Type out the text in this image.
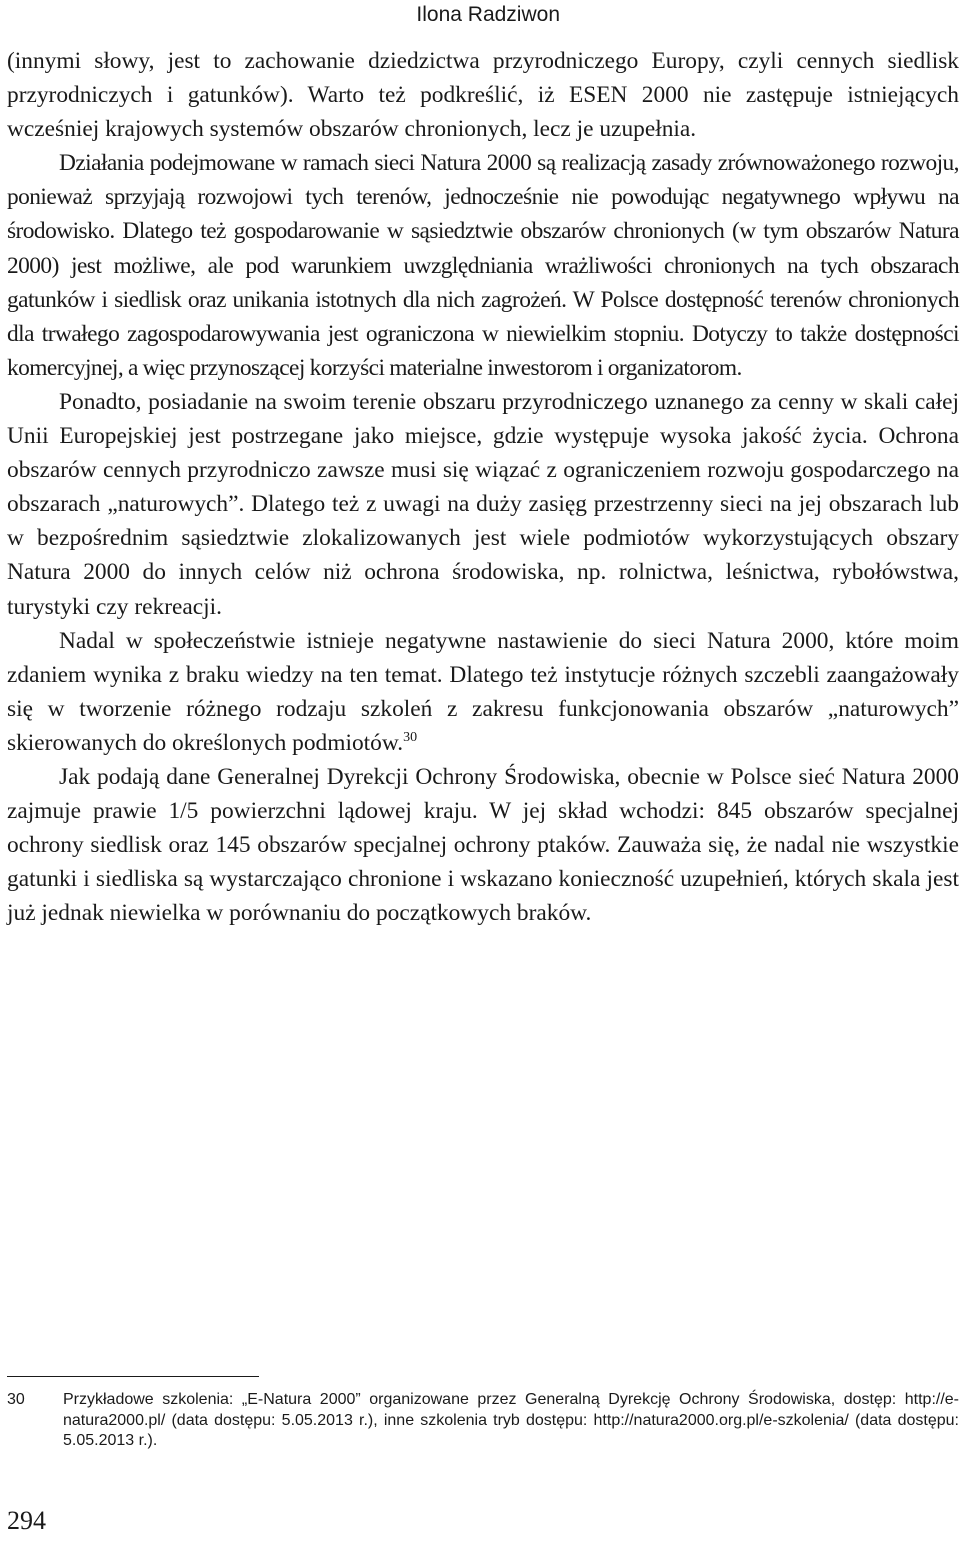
Ilona Radziwon

(innymi słowy, jest to zachowanie dziedzictwa przyrodniczego Europy, czyli cennych siedlisk przyrodniczych i gatunków). Warto też podkreślić, iż ESEN 2000 nie zastępuje istniejących wcześniej krajowych systemów obszarów chronionych, lecz je uzupełnia.

Działania podejmowane w ramach sieci Natura 2000 są realizacją zasady zrównoważonego rozwoju, ponieważ sprzyjają rozwojowi tych terenów, jednocześnie nie powodując negatywnego wpływu na środowisko. Dlatego też gospodarowanie w sąsiedztwie obszarów chronionych (w tym obszarów Natura 2000) jest możliwe, ale pod warunkiem uwzględniania wrażliwości chronionych na tych obszarach gatunków i siedlisk oraz unikania istotnych dla nich zagrożeń. W Polsce dostępność terenów chronionych dla trwałego zagospodarowywania jest ograniczona w niewielkim stopniu. Dotyczy to także dostępności komercyjnej, a więc przynoszącej korzyści materialne inwestorom i organizatorom.

Ponadto, posiadanie na swoim terenie obszaru przyrodniczego uznanego za cenny w skali całej Unii Europejskiej jest postrzegane jako miejsce, gdzie występuje wysoka jakość życia. Ochrona obszarów cennych przyrodniczo zawsze musi się wiązać z ograniczeniem rozwoju gospodarczego na obszarach „naturowych”. Dlatego też z uwagi na duży zasięg przestrzenny sieci na jej obszarach lub w bezpośrednim sąsiedztwie zlokalizowanych jest wiele podmiotów wykorzystujących obszary Natura 2000 do innych celów niż ochrona środowiska, np. rolnictwa, leśnictwa, rybołówstwa, turystyki czy rekreacji.

Nadal w społeczeństwie istnieje negatywne nastawienie do sieci Natura 2000, które moim zdaniem wynika z braku wiedzy na ten temat. Dlatego też instytucje różnych szczebli zaangażowały się w tworzenie różnego rodzaju szkoleń z zakresu funkcjonowania obszarów „naturowych” skierowanych do określonych podmiotów.$^{30}$

Jak podają dane Generalnej Dyrekcji Ochrony Środowiska, obecnie w Polsce sieć Natura 2000 zajmuje prawie 1/5 powierzchni lądowej kraju. W jej skład wchodzi: 845 obszarów specjalnej ochrony siedlisk oraz 145 obszarów specjalnej ochrony ptaków. Zauważa się, że nadal nie wszystkie gatunki i siedliska są wystarczająco chronione i wskazano konieczność uzupełnień, których skala jest już jednak niewielka w porównaniu do początkowych braków.

30	Przykładowe szkolenia: „E-Natura 2000” organizowane przez Generalną Dyrekcję Ochrony Środowiska, dostęp: http://e-natura2000.pl/ (data dostępu: 5.05.2013 r.), inne szkolenia tryb dostępu: http://natura2000.org.pl/e-szkolenia/ (data dostępu: 5.05.2013 r.).
294
